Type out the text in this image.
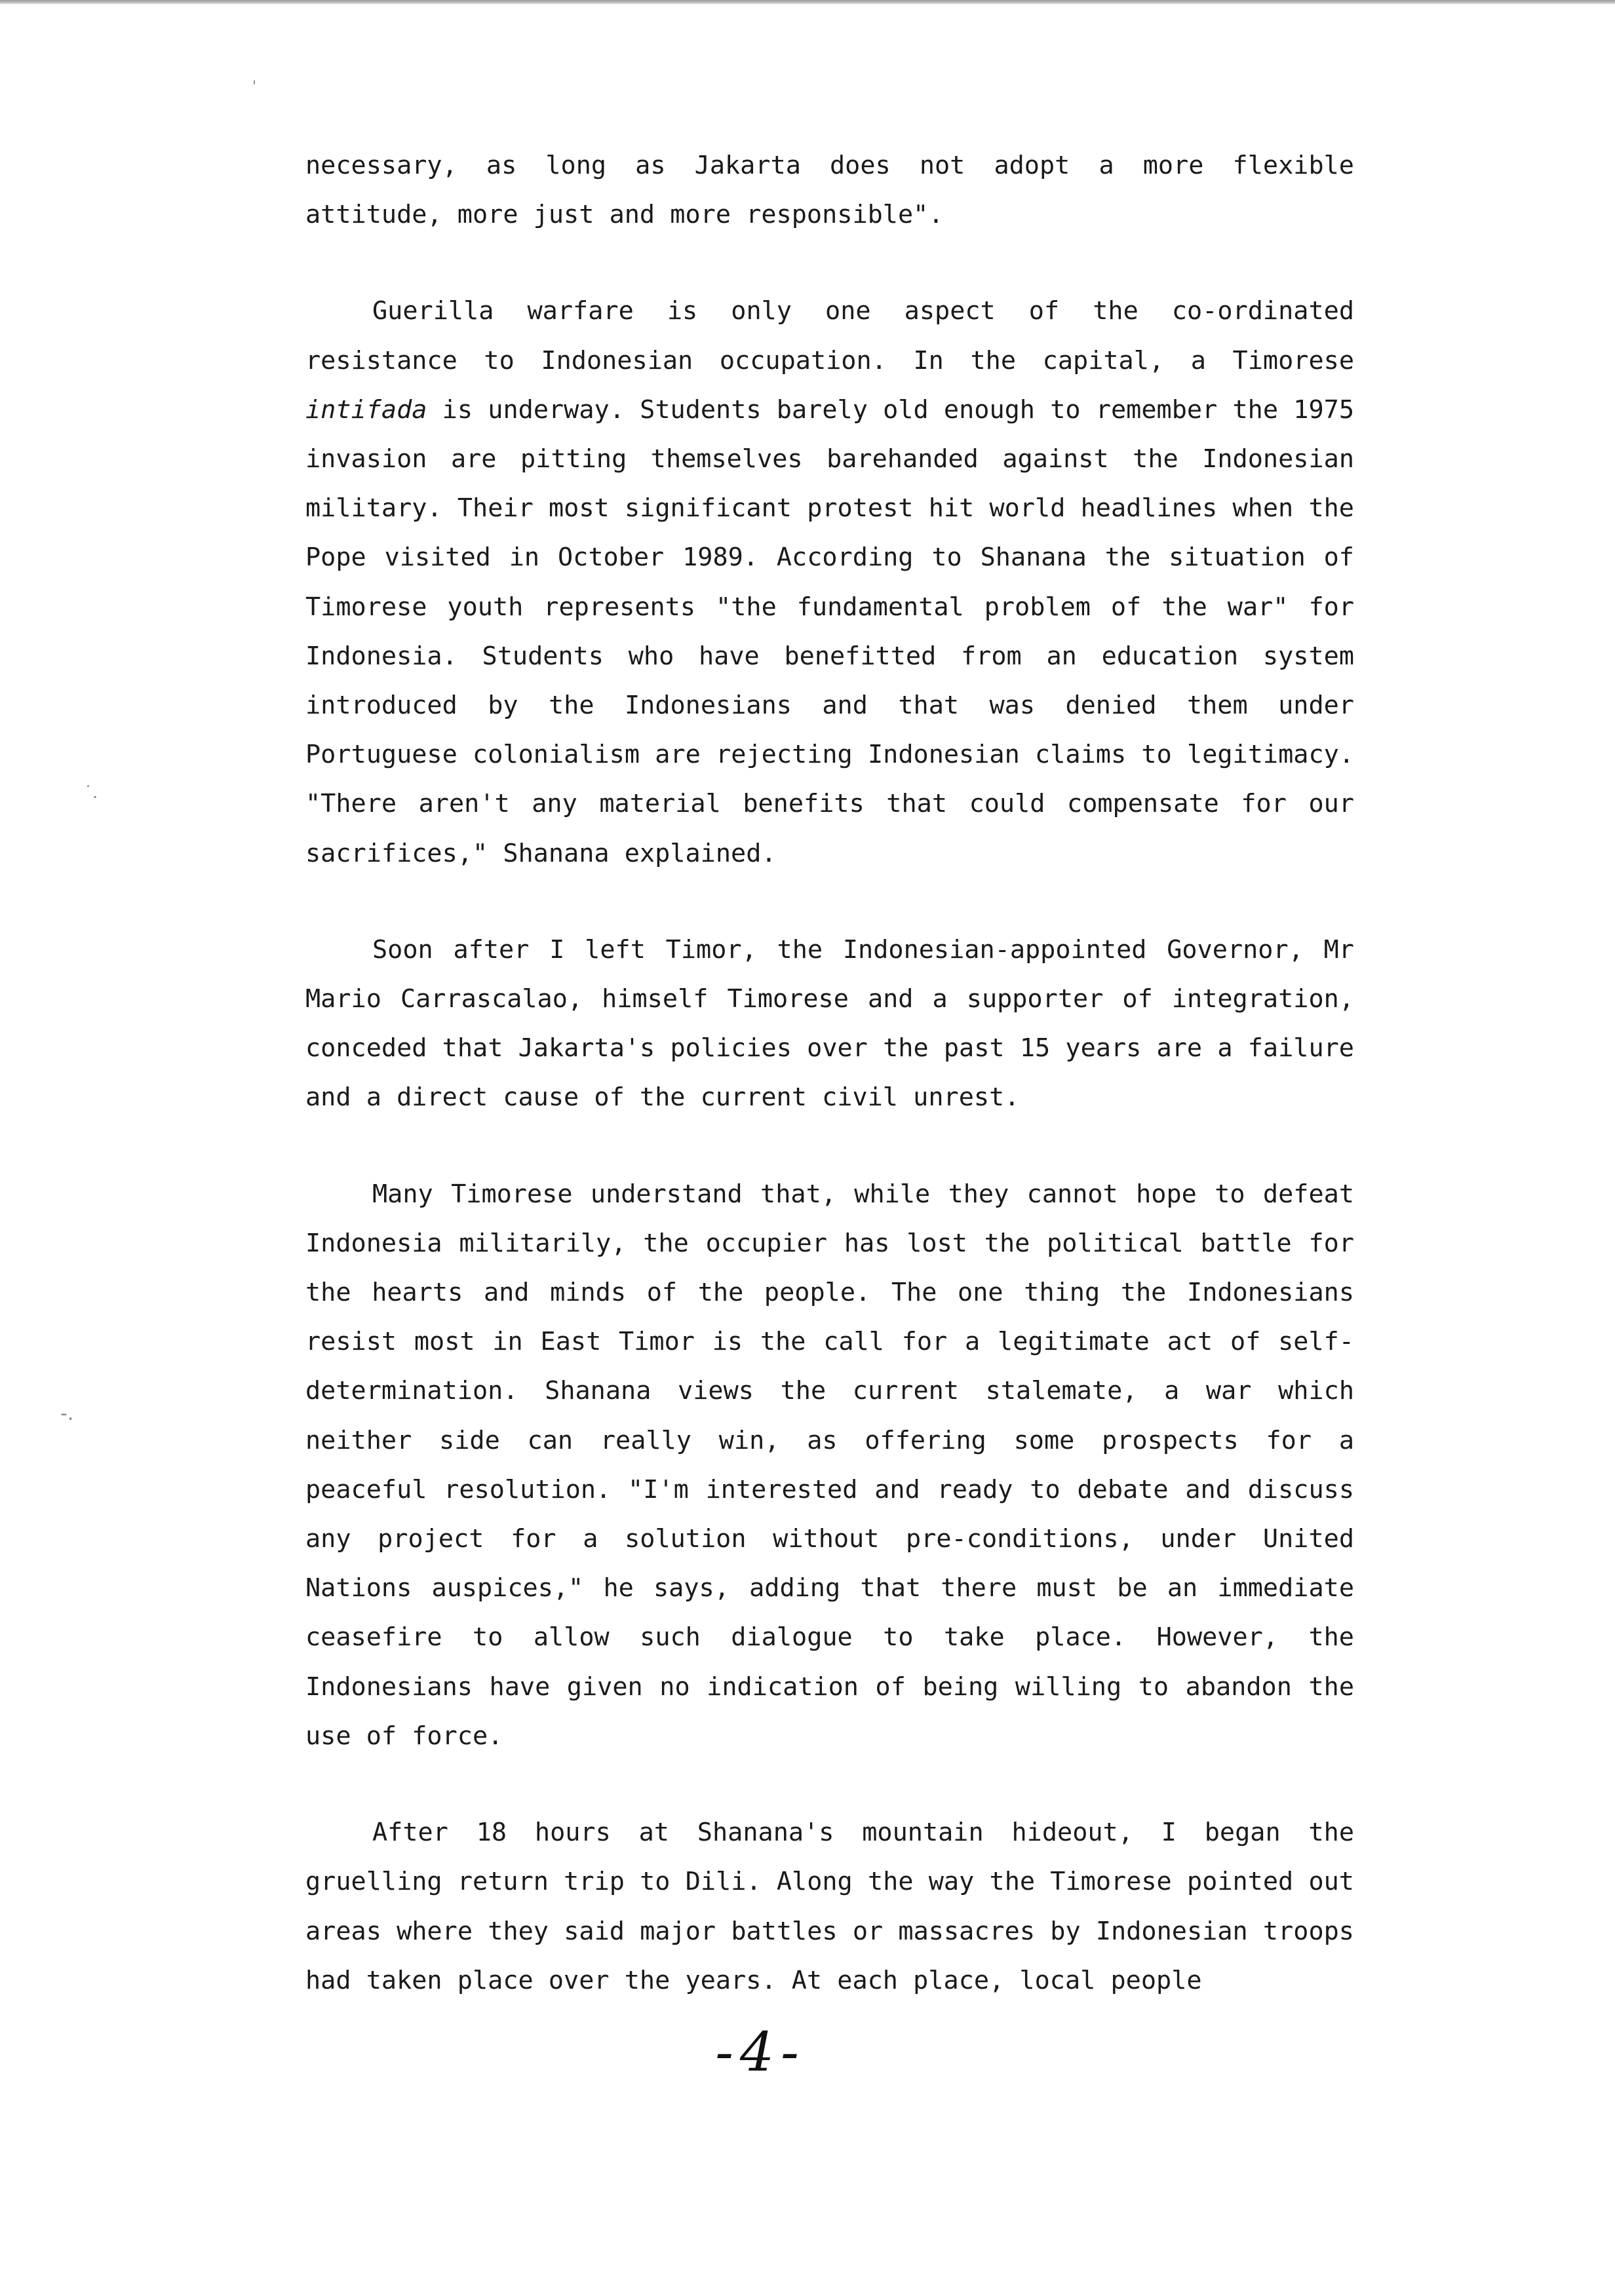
'
˙.
-.

necessary, as long as Jakarta does not adopt a more flexible attitude, more just and more responsible".

Guerilla warfare is only one aspect of the co-ordinated resistance to Indonesian occupation. In the capital, a Timorese intifada is underway. Students barely old enough to remember the 1975 invasion are pitting themselves barehanded against the Indonesian military. Their most significant protest hit world headlines when the Pope visited in October 1989. According to Shanana the situation of Timorese youth represents "the fundamental problem of the war" for Indonesia. Students who have benefitted from an education system introduced by the Indonesians and that was denied them under Portuguese colonialism are rejecting Indonesian claims to legitimacy. "There aren't any material benefits that could compensate for our sacrifices," Shanana explained.

Soon after I left Timor, the Indonesian-appointed Governor, Mr Mario Carrascalao, himself Timorese and a supporter of integration, conceded that Jakarta's policies over the past 15 years are a failure and a direct cause of the current civil unrest.

Many Timorese understand that, while they cannot hope to defeat Indonesia militarily, the occupier has lost the political battle for the hearts and minds of the people. The one thing the Indonesians resist most in East Timor is the call for a legitimate act of self-determination. Shanana views the current stalemate, a war which neither side can really win, as offering some prospects for a peaceful resolution. "I'm interested and ready to debate and discuss any project for a solution without pre-conditions, under United Nations auspices," he says, adding that there must be an immediate ceasefire to allow such dialogue to take place. However, the Indonesians have given no indication of being willing to abandon the use of force.

After 18 hours at Shanana's mountain hideout, I began the gruelling return trip to Dili. Along the way the Timorese pointed out areas where they said major battles or massacres by Indonesian troops had taken place over the years. At each place, local people

-4-
